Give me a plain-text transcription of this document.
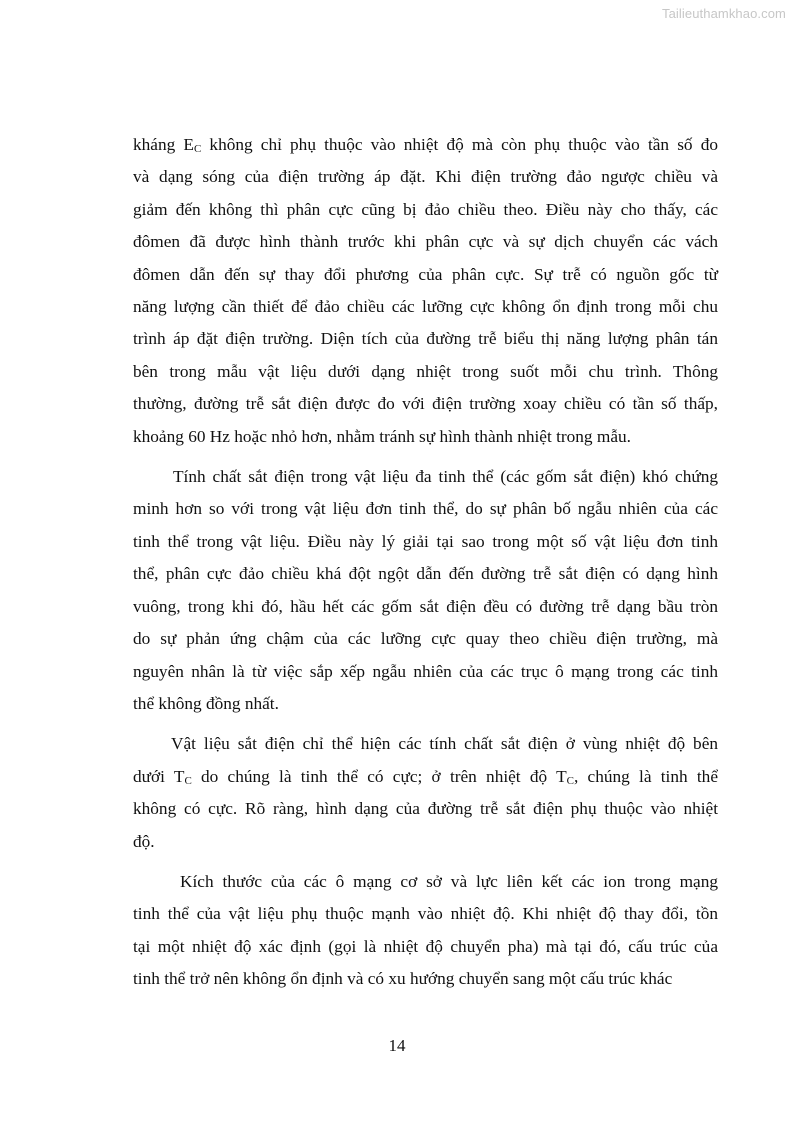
Tailieuthamkhao.com

kháng $E_C$ không chỉ phụ thuộc vào nhiệt độ mà còn phụ thuộc vào tần số đo
và dạng sóng của điện trường áp đặt. Khi điện trường đảo ngược chiều và
giảm đến không thì phân cực cũng bị đảo chiều theo. Điều này cho thấy, các
đômen đã được hình thành trước khi phân cực và sự dịch chuyển các vách
đômen dẫn đến sự thay đổi phương của phân cực. Sự trễ có nguồn gốc từ
năng lượng cần thiết để đảo chiều các lưỡng cực không ổn định trong mỗi chu
trình áp đặt điện trường. Diện tích của đường trễ biểu thị năng lượng phân tán
bên trong mẫu vật liệu dưới dạng nhiệt trong suốt mỗi chu trình. Thông
thường, đường trễ sắt điện được đo với điện trường xoay chiều có tần số thấp,
khoảng 60 Hz hoặc nhỏ hơn, nhằm tránh sự hình thành nhiệt trong mẫu.

Tính chất sắt điện trong vật liệu đa tinh thể (các gốm sắt điện) khó chứng
minh hơn so với trong vật liệu đơn tinh thể, do sự phân bố ngẫu nhiên của các
tinh thể trong vật liệu. Điều này lý giải tại sao trong một số vật liệu đơn tinh
thể, phân cực đảo chiều khá đột ngột dẫn đến đường trễ sắt điện có dạng hình
vuông, trong khi đó, hầu hết các gốm sắt điện đều có đường trễ dạng bầu tròn
do sự phản ứng chậm của các lưỡng cực quay theo chiều điện trường, mà
nguyên nhân là từ việc sắp xếp ngẫu nhiên của các trục ô mạng trong các tinh
thể không đồng nhất.

Vật liệu sắt điện chỉ thể hiện các tính chất sắt điện ở vùng nhiệt độ bên
dưới $T_C$ do chúng là tinh thể có cực; ở trên nhiệt độ $T_C$, chúng là tinh thể
không có cực. Rõ ràng, hình dạng của đường trễ sắt điện phụ thuộc vào nhiệt
độ.

Kích thước của các ô mạng cơ sở và lực liên kết các ion trong mạng
tinh thể của vật liệu phụ thuộc mạnh vào nhiệt độ. Khi nhiệt độ thay đổi, tồn
tại một nhiệt độ xác định (gọi là nhiệt độ chuyển pha) mà tại đó, cấu trúc của
tinh thể trở nên không ổn định và có xu hướng chuyển sang một cấu trúc khác

14
